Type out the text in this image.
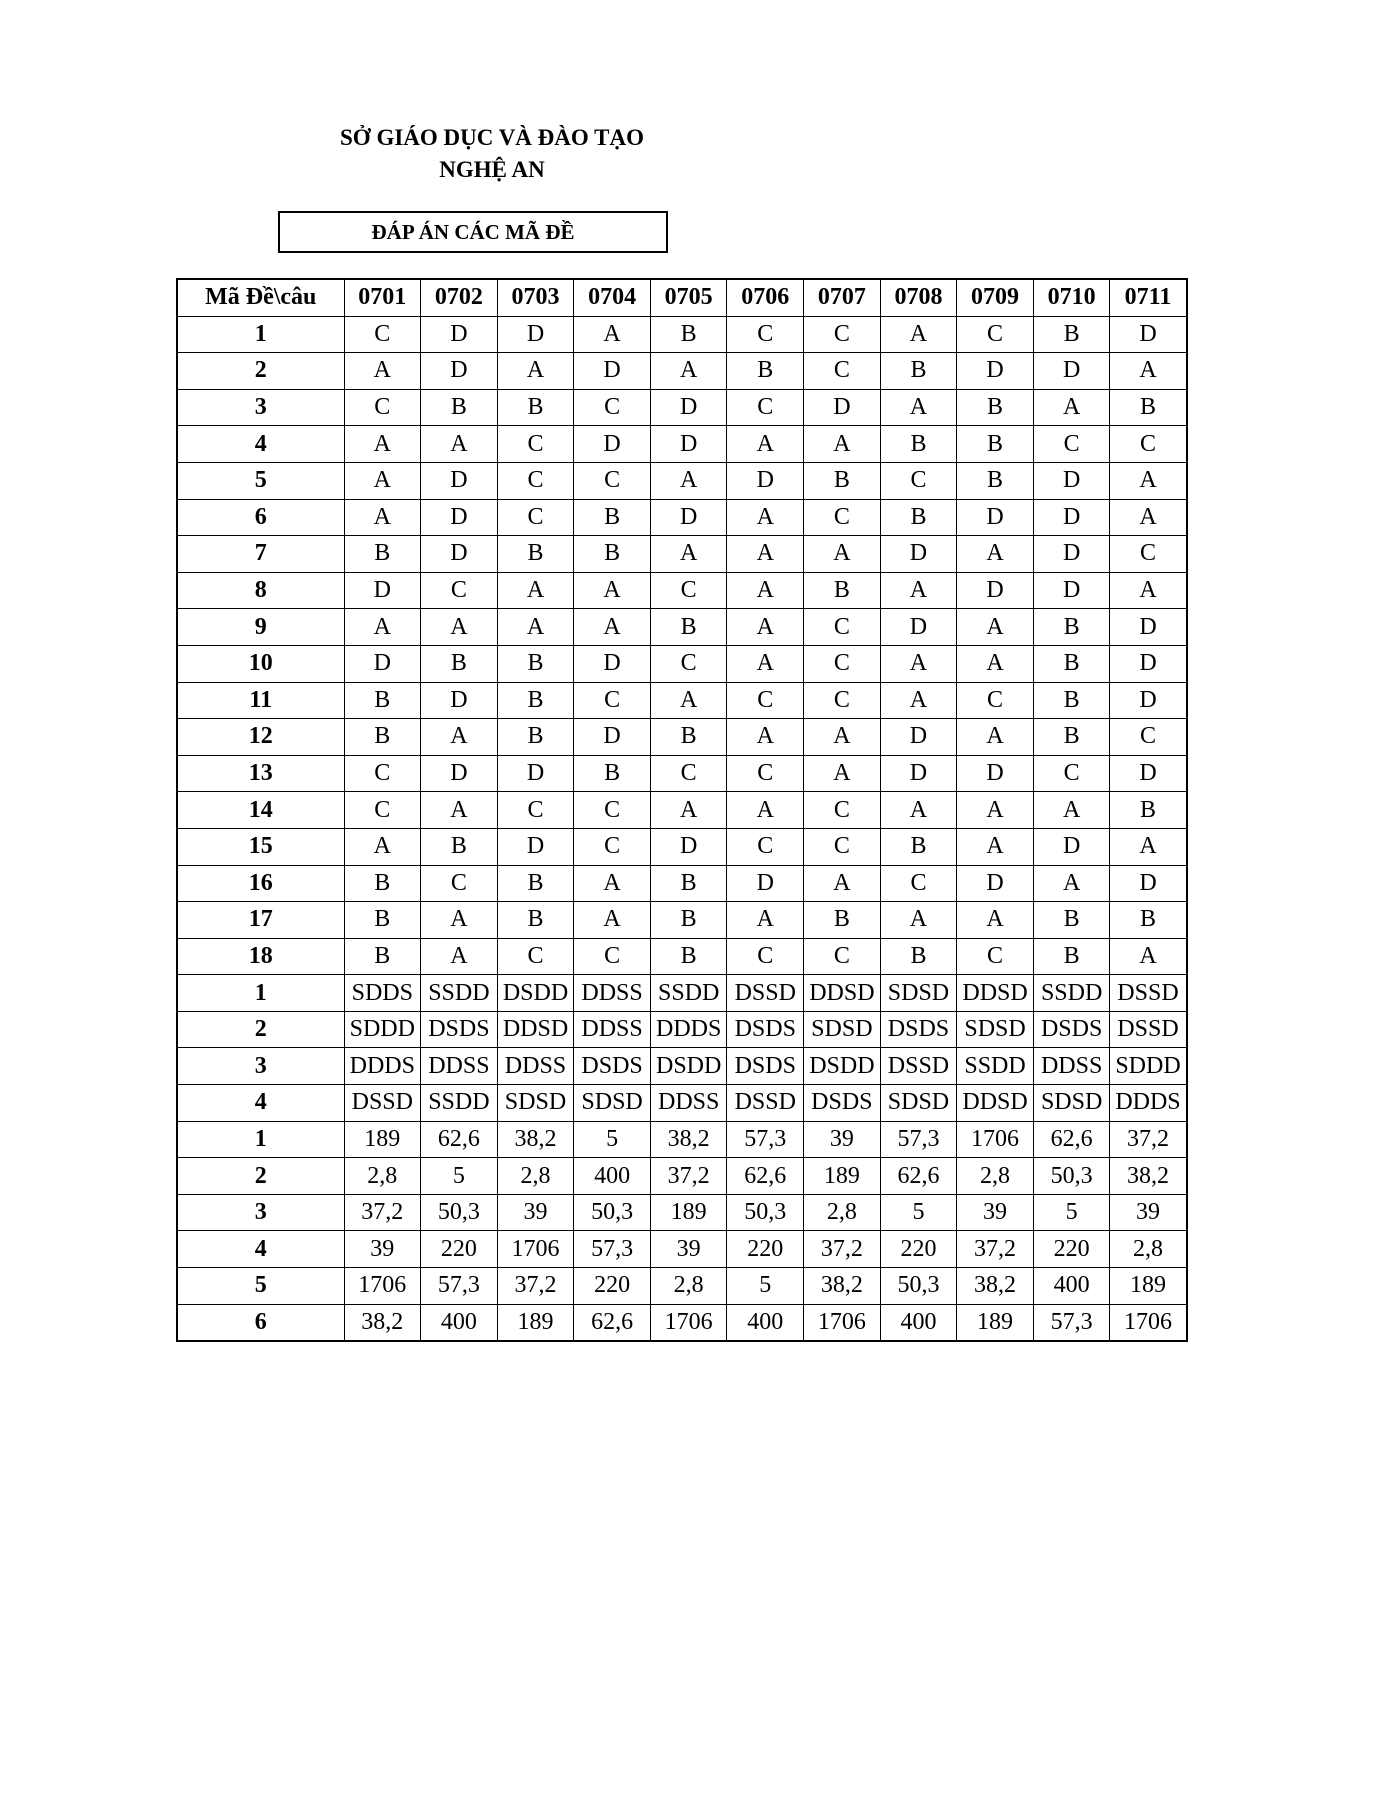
SỞ GIÁO DỤC VÀ ĐÀO TẠO
NGHỆ AN
ĐÁP ÁN CÁC MÃ ĐỀ
Mã Đề\câu	0701	0702	0703	0704	0705	0706	0707	0708	0709	0710	0711
1	C	D	D	A	B	C	C	A	C	B	D
2	A	D	A	D	A	B	C	B	D	D	A
3	C	B	B	C	D	C	D	A	B	A	B
4	A	A	C	D	D	A	A	B	B	C	C
5	A	D	C	C	A	D	B	C	B	D	A
6	A	D	C	B	D	A	C	B	D	D	A
7	B	D	B	B	A	A	A	D	A	D	C
8	D	C	A	A	C	A	B	A	D	D	A
9	A	A	A	A	B	A	C	D	A	B	D
10	D	B	B	D	C	A	C	A	A	B	D
11	B	D	B	C	A	C	C	A	C	B	D
12	B	A	B	D	B	A	A	D	A	B	C
13	C	D	D	B	C	C	A	D	D	C	D
14	C	A	C	C	A	A	C	A	A	A	B
15	A	B	D	C	D	C	C	B	A	D	A
16	B	C	B	A	B	D	A	C	D	A	D
17	B	A	B	A	B	A	B	A	A	B	B
18	B	A	C	C	B	C	C	B	C	B	A
1	SDDS	SSDD	DSDD	DDSS	SSDD	DSSD	DDSD	SDSD	DDSD	SSDD	DSSD
2	SDDD	DSDS	DDSD	DDSS	DDDS	DSDS	SDSD	DSDS	SDSD	DSDS	DSSD
3	DDDS	DDSS	DDSS	DSDS	DSDD	DSDS	DSDD	DSSD	SSDD	DDSS	SDDD
4	DSSD	SSDD	SDSD	SDSD	DDSS	DSSD	DSDS	SDSD	DDSD	SDSD	DDDS
1	189	62,6	38,2	5	38,2	57,3	39	57,3	1706	62,6	37,2
2	2,8	5	2,8	400	37,2	62,6	189	62,6	2,8	50,3	38,2
3	37,2	50,3	39	50,3	189	50,3	2,8	5	39	5	39
4	39	220	1706	57,3	39	220	37,2	220	37,2	220	2,8
5	1706	57,3	37,2	220	2,8	5	38,2	50,3	38,2	400	189
6	38,2	400	189	62,6	1706	400	1706	400	189	57,3	1706
